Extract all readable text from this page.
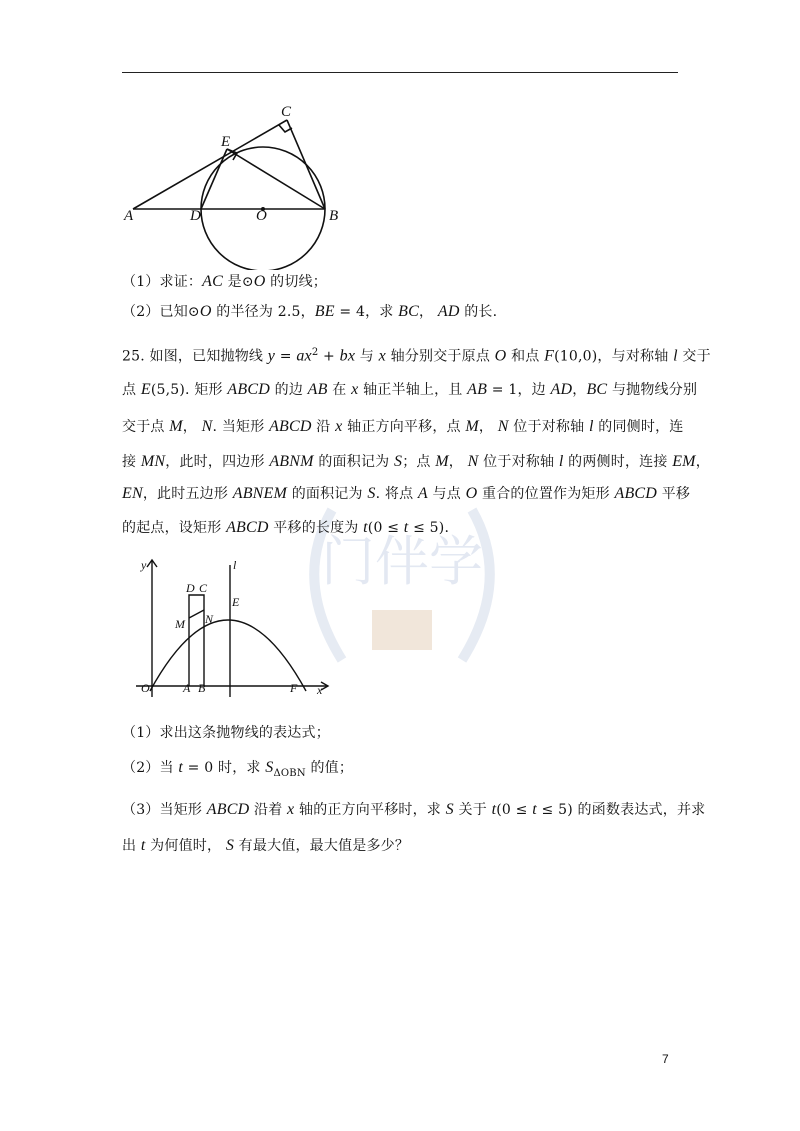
门伴学
A	D	O	B
E
C
（1）求证：AC 是⊙O 的切线；
（2）已知⊙O 的半径为 2.5，BE = 4，求 BC， AD 的长.
25. 如图，已知抛物线 $y = ax^2$ + bx 与 x 轴分别交于原点 O 和点 F(10,0)，与对称轴 l 交于
点 E(5,5). 矩形 ABCD 的边 AB 在 x 轴正半轴上，且 AB = 1，边 AD，BC 与抛物线分别
交于点 M， N. 当矩形 ABCD 沿 x 轴正方向平移，点 M， N 位于对称轴 l 的同侧时，连
接 MN，此时，四边形 ABNM 的面积记为 S；点 M， N 位于对称轴 l 的两侧时，连接 EM，
EN，此时五边形 ABNEM 的面积记为 S. 将点 A 与点 O 重合的位置作为矩形 ABCD 平移
的起点，设矩形 ABCD 平移的长度为 t(0 ≤ t ≤ 5).
y	l
D C
E
M N
O	A B	F x
（1）求出这条抛物线的表达式；
（2）当 t = 0 时，求 $S_{\Delta OBN}$ 的值；
（3）当矩形 ABCD 沿着 x 轴的正方向平移时，求 S 关于 t(0 ≤ t ≤ 5) 的函数表达式，并求
出 t 为何值时， S 有最大值，最大值是多少？
7
